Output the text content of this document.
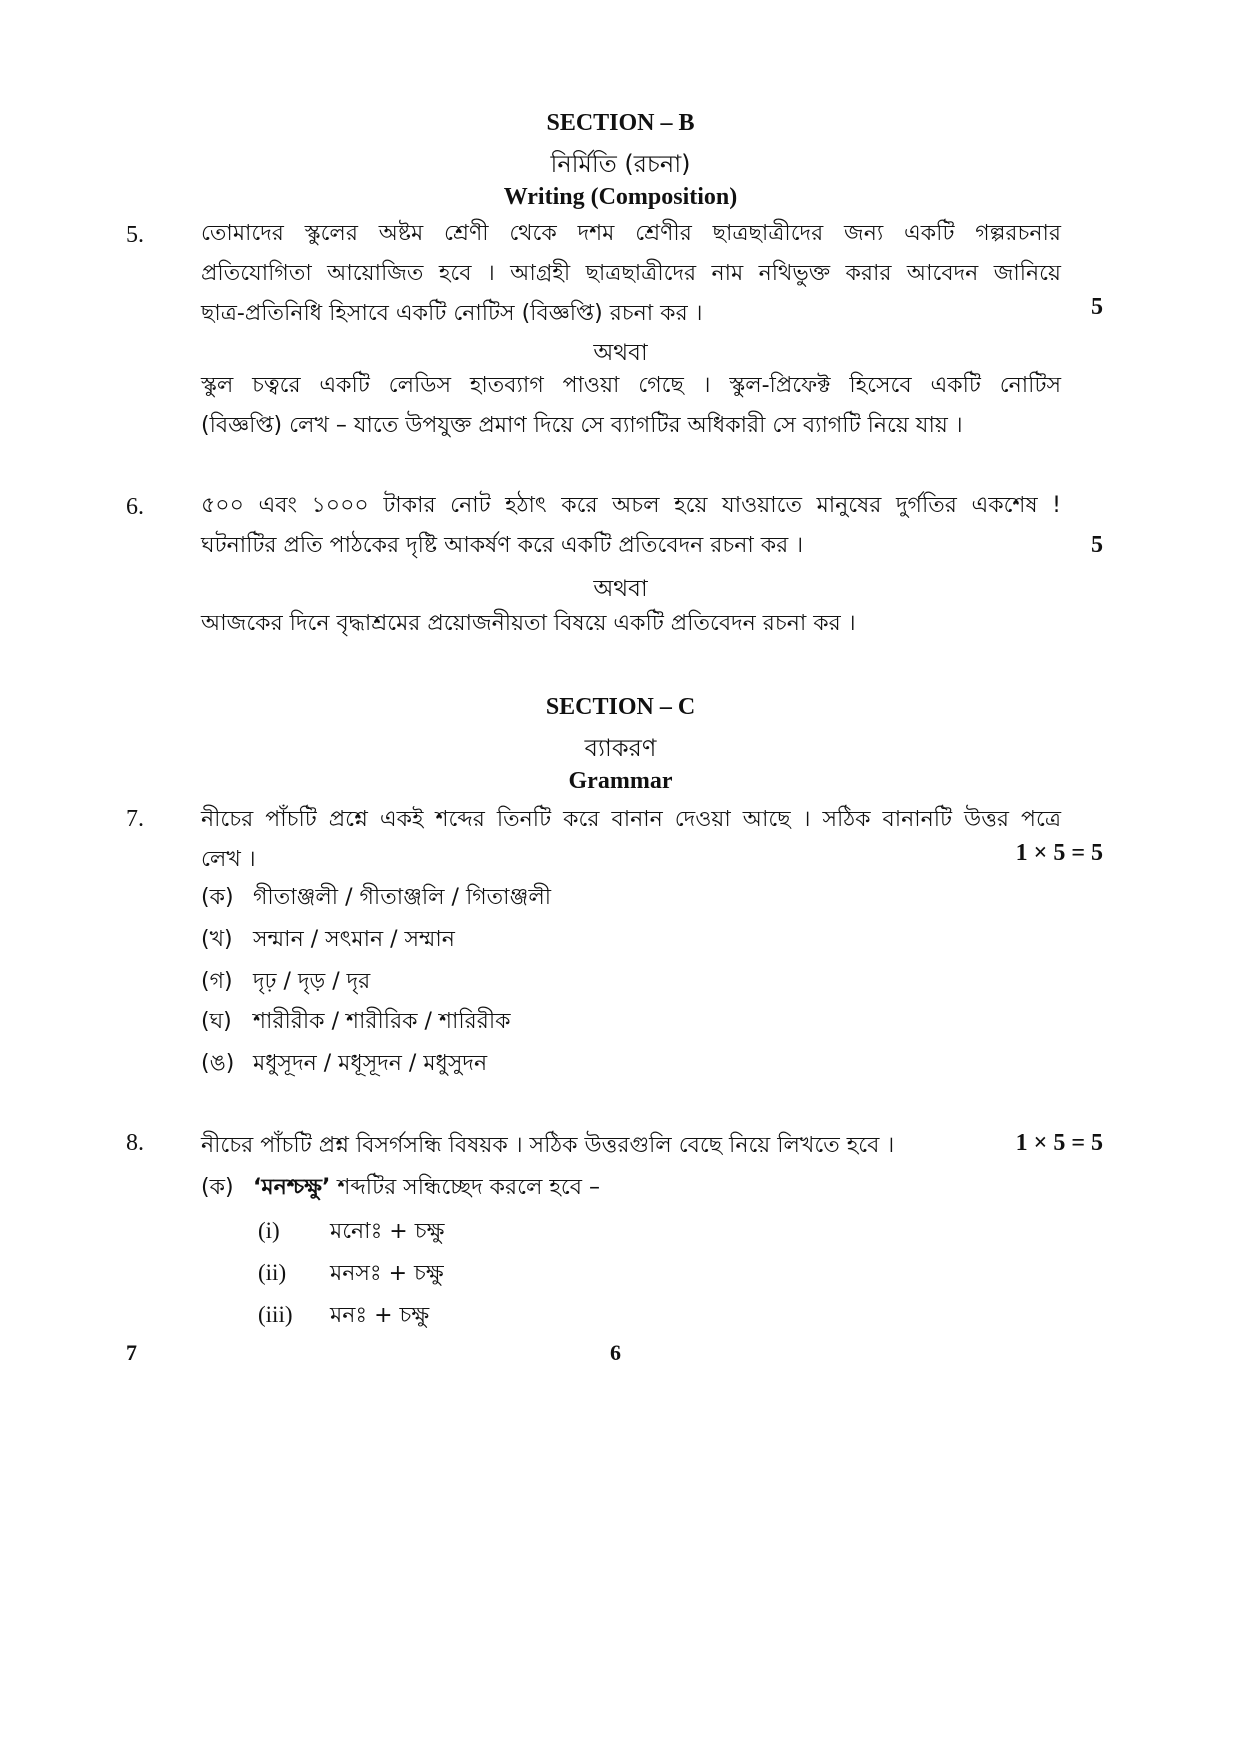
SECTION – B
নির্মিতি (রচনা)
Writing (Composition)
5.	তোমাদের স্কুলের অষ্টম শ্রেণী থেকে দশম শ্রেণীর ছাত্রছাত্রীদের জন্য একটি গল্পরচনার
প্রতিযোগিতা আয়োজিত হবে । আগ্রহী ছাত্রছাত্রীদের নাম নথিভুক্ত করার আবেদন জানিয়ে
ছাত্র-প্রতিনিধি হিসাবে একটি নোটিস (বিজ্ঞপ্তি) রচনা কর ।	5
অথবা
স্কুল চত্বরে একটি লেডিস হাতব্যাগ পাওয়া গেছে । স্কুল-প্রিফেক্ট হিসেবে একটি নোটিস
(বিজ্ঞপ্তি) লেখ – যাতে উপযুক্ত প্রমাণ দিয়ে সে ব্যাগটির অধিকারী সে ব্যাগটি নিয়ে যায় ।
6.	৫০০ এবং ১০০০ টাকার নোট হঠাৎ করে অচল হয়ে যাওয়াতে মানুষের দুর্গতির একশেষ !
ঘটনাটির প্রতি পাঠকের দৃষ্টি আকর্ষণ করে একটি প্রতিবেদন রচনা কর ।	5
অথবা
আজকের দিনে বৃদ্ধাশ্রমের প্রয়োজনীয়তা বিষয়ে একটি প্রতিবেদন রচনা কর ।
SECTION – C
ব্যাকরণ
Grammar
7.	নীচের পাঁচটি প্রশ্নে একই শব্দের তিনটি করে বানান দেওয়া আছে । সঠিক বানানটি উত্তর পত্রে
লেখ ।	1 × 5 = 5
(ক) গীতাঞ্জলী / গীতাঞ্জলি / গিতাঞ্জলী
(খ) সন্মান / সৎমান / সম্মান
(গ) দৃঢ় / দৃড় / দৃর
(ঘ) শারীরীক / শারীরিক / শারিরীক
(ঙ) মধুসূদন / মধূসূদন / মধুসুদন
8.	নীচের পাঁচটি প্রশ্ন বিসর্গসন্ধি বিষয়ক । সঠিক উত্তরগুলি বেছে নিয়ে লিখতে হবে ।	1 × 5 = 5
(ক) ‘মনশ্চক্ষু’ শব্দটির সন্ধিচ্ছেদ করলে হবে –
(i) মনোঃ + চক্ষু
(ii) মনসঃ + চক্ষু
(iii) মনঃ + চক্ষু
7	6
